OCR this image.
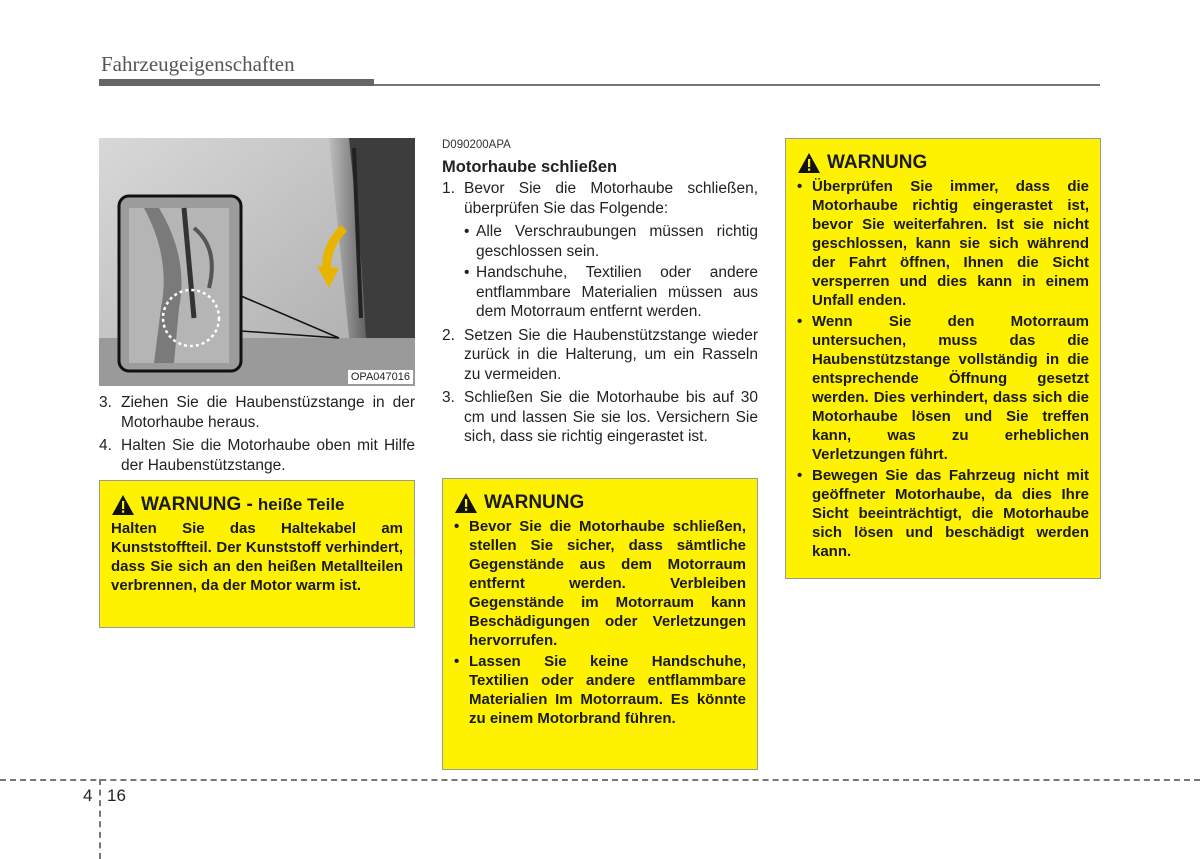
Fahrzeugeigenschaften
OPA047016
3. Ziehen Sie die Haubenstüzstange in der Motorhaube heraus.
4. Halten Sie die Motorhaube oben mit Hilfe der Haubenstützstange.
WARNUNG - heiße Teile

Halten Sie das Haltekabel am Kunststoffteil. Der Kunststoff verhindert, dass Sie sich an den heißen Metallteilen verbrennen, da der Motor warm ist.

D090200APA
Motorhaube schließen
1. Bevor Sie die Motorhaube schließen, überprüfen Sie das Folgende:
• Alle Verschraubungen müssen richtig geschlossen sein.
• Handschuhe, Textilien oder andere entflammbare Materialien müssen aus dem Motorraum entfernt werden.
2. Setzen Sie die Haubenstützstange wieder zurück in die Halterung, um ein Rasseln zu vermeiden.
3. Schließen Sie die Motorhaube bis auf 30 cm und lassen Sie sie los. Versichern Sie sich, dass sie richtig eingerastet ist.
WARNUNG
• Bevor Sie die Motorhaube schließen, stellen Sie sicher, dass sämtliche Gegenstände aus dem Motorraum entfernt werden. Verbleiben Gegenstände im Motorraum kann Beschädigungen oder Verletzungen hervorrufen.
• Lassen Sie keine Handschuhe, Textilien oder andere entflammbare Materialien Im Motorraum. Es könnte zu einem Motorbrand führen.
WARNUNG
• Überprüfen Sie immer, dass die Motorhaube richtig eingerastet ist, bevor Sie weiterfahren. Ist sie nicht geschlossen, kann sie sich während der Fahrt öffnen, Ihnen die Sicht versperren und dies kann in einem Unfall enden.
• Wenn Sie den Motorraum untersuchen, muss das die Haubenstützstange vollständig in die entsprechende Öffnung gesetzt werden. Dies verhindert, dass sich die Motorhaube lösen und Sie treffen kann, was zu erheblichen Verletzungen führt.
• Bewegen Sie das Fahrzeug nicht mit geöffneter Motorhaube, da dies Ihre Sicht beeinträchtigt, die Motorhaube sich lösen und beschädigt werden kann.
4 16
